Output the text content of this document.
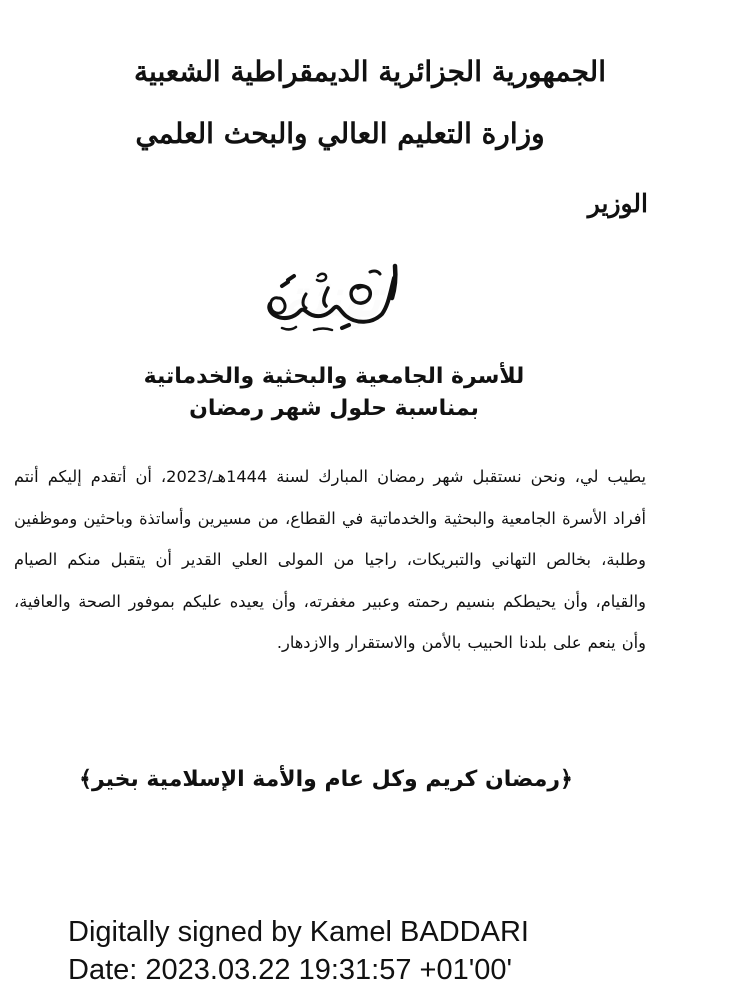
الجمهورية الجزائرية الديمقراطية الشعبية
وزارة التعليم العالي والبحث العلمي
الوزير
للأسرة الجامعية والبحثية والخدماتية
بمناسبة حلول شهر رمضان
يطيب لي، ونحن نستقبل شهر رمضان المبارك لسنة 1444هـ/2023، أن أتقدم إليكم أنتم أفراد الأسرة الجامعية والبحثية والخدماتية في القطاع، من مسيرين وأساتذة وباحثين وموظفين وطلبة، بخالص التهاني والتبريكات، راجيا من المولى العلي القدير أن يتقبل منكم الصيام والقيام، وأن يحيطكم بنسيم رحمته وعبير مغفرته، وأن يعيده عليكم بموفور الصحة والعافية، وأن ينعم على بلدنا الحبيب بالأمن والاستقرار والازدهار.
﴿رمضان كريم وكل عام والأمة الإسلامية بخير﴾
Digitally signed by Kamel BADDARI
Date: 2023.03.22 19:31:57 +01'00'
